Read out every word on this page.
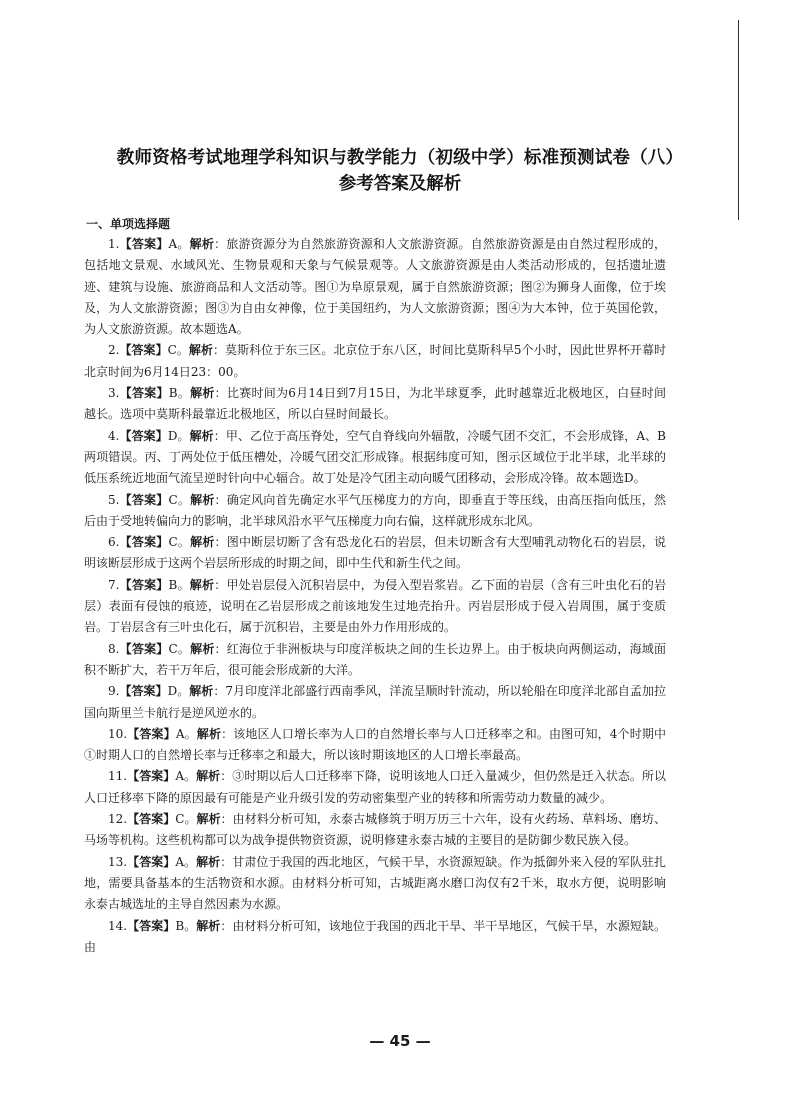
教师资格考试地理学科知识与教学能力（初级中学）标准预测试卷（八）
参考答案及解析
一、单项选择题

1.【答案】A。解析：旅游资源分为自然旅游资源和人文旅游资源。自然旅游资源是由自然过程形成的，包括地文景观、水域风光、生物景观和天象与气候景观等。人文旅游资源是由人类活动形成的，包括遗址遗迹、建筑与设施、旅游商品和人文活动等。图①为阜原景观，属于自然旅游资源；图②为狮身人面像，位于埃及，为人文旅游资源；图③为自由女神像，位于美国纽约，为人文旅游资源；图④为大本钟，位于英国伦敦，为人文旅游资源。故本题选A。

2.【答案】C。解析：莫斯科位于东三区。北京位于东八区，时间比莫斯科早5个小时，因此世界杯开幕时北京时间为6月14日23：00。

3.【答案】B。解析：比赛时间为6月14日到7月15日，为北半球夏季，此时越靠近北极地区，白昼时间越长。选项中莫斯科最靠近北极地区，所以白昼时间最长。

4.【答案】D。解析：甲、乙位于高压脊处，空气自脊线向外辐散，冷暖气团不交汇，不会形成锋，A、B两项错误。丙、丁两处位于低压槽处，冷暖气团交汇形成锋。根据纬度可知，图示区域位于北半球，北半球的低压系统近地面气流呈逆时针向中心辐合。故丁处是冷气团主动向暖气团移动，会形成冷锋。故本题选D。

5.【答案】C。解析：确定风向首先确定水平气压梯度力的方向，即垂直于等压线，由高压指向低压，然后由于受地转偏向力的影响，北半球风沿水平气压梯度力向右偏，这样就形成东北风。

6.【答案】C。解析：图中断层切断了含有恐龙化石的岩层，但未切断含有大型哺乳动物化石的岩层，说明该断层形成于这两个岩层所形成的时期之间，即中生代和新生代之间。

7.【答案】B。解析：甲处岩层侵入沉积岩层中，为侵入型岩浆岩。乙下面的岩层（含有三叶虫化石的岩层）表面有侵蚀的痕迹，说明在乙岩层形成之前该地发生过地壳抬升。丙岩层形成于侵入岩周围，属于变质岩。丁岩层含有三叶虫化石，属于沉积岩，主要是由外力作用形成的。

8.【答案】C。解析：红海位于非洲板块与印度洋板块之间的生长边界上。由于板块向两侧运动，海域面积不断扩大，若干万年后，很可能会形成新的大洋。

9.【答案】D。解析：7月印度洋北部盛行西南季风，洋流呈顺时针流动，所以轮船在印度洋北部自孟加拉国向斯里兰卡航行是逆风逆水的。

10.【答案】A。解析：该地区人口增长率为人口的自然增长率与人口迁移率之和。由图可知，4个时期中①时期人口的自然增长率与迁移率之和最大，所以该时期该地区的人口增长率最高。

11.【答案】A。解析：③时期以后人口迁移率下降，说明该地人口迁入量减少，但仍然是迁入状态。所以人口迁移率下降的原因最有可能是产业升级引发的劳动密集型产业的转移和所需劳动力数量的减少。

12.【答案】C。解析：由材料分析可知，永泰古城修筑于明万历三十六年，设有火药场、草料场、磨坊、马场等机构。这些机构都可以为战争提供物资资源，说明修建永泰古城的主要目的是防御少数民族入侵。

13.【答案】A。解析：甘肃位于我国的西北地区，气候干旱，水资源短缺。作为抵御外来入侵的军队驻扎地，需要具备基本的生活物资和水源。由材料分析可知，古城距离水磨口沟仅有2千米，取水方便，说明影响永泰古城选址的主导自然因素为水源。

14.【答案】B。解析：由材料分析可知，该地位于我国的西北干旱、半干旱地区，气候干旱，水源短缺。由

— 45 —
